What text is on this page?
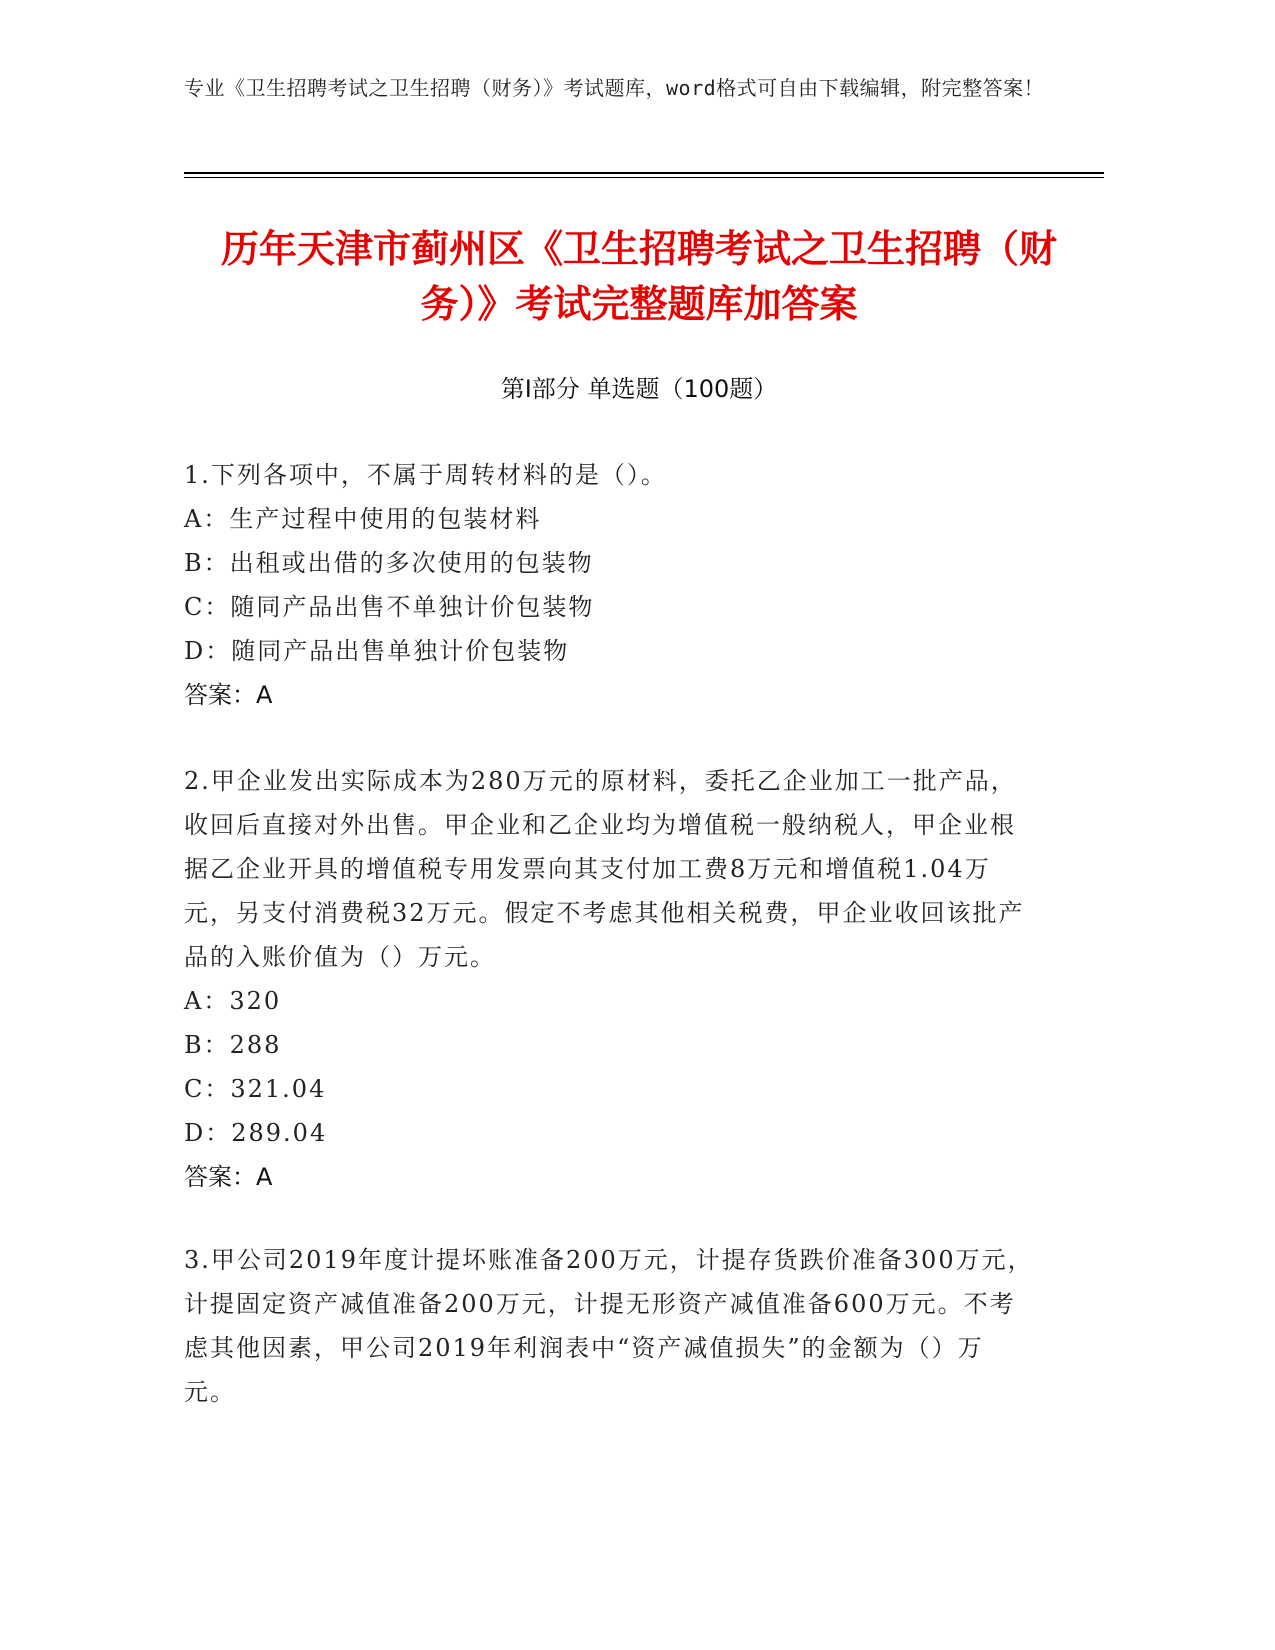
专业《卫生招聘考试之卫生招聘（财务）》考试题库，word格式可自由下载编辑，附完整答案！
历年天津市蓟州区《卫生招聘考试之卫生招聘（财务）》考试完整题库加答案
第Ⅰ部分 单选题（100题）
1.下列各项中，不属于周转材料的是（）。
A：生产过程中使用的包装材料
B：出租或出借的多次使用的包装物
C：随同产品出售不单独计价包装物
D：随同产品出售单独计价包装物
答案：A
2.甲企业发出实际成本为280万元的原材料，委托乙企业加工一批产品，收回后直接对外出售。甲企业和乙企业均为增值税一般纳税人，甲企业根据乙企业开具的增值税专用发票向其支付加工费8万元和增值税1.04万元，另支付消费税32万元。假定不考虑其他相关税费，甲企业收回该批产品的入账价值为（）万元。
A：320
B：288
C：321.04
D：289.04
答案：A
3.甲公司2019年度计提坏账准备200万元，计提存货跌价准备300万元，计提固定资产减值准备200万元，计提无形资产减值准备600万元。不考虑其他因素，甲公司2019年利润表中“资产减值损失”的金额为（）万元。
